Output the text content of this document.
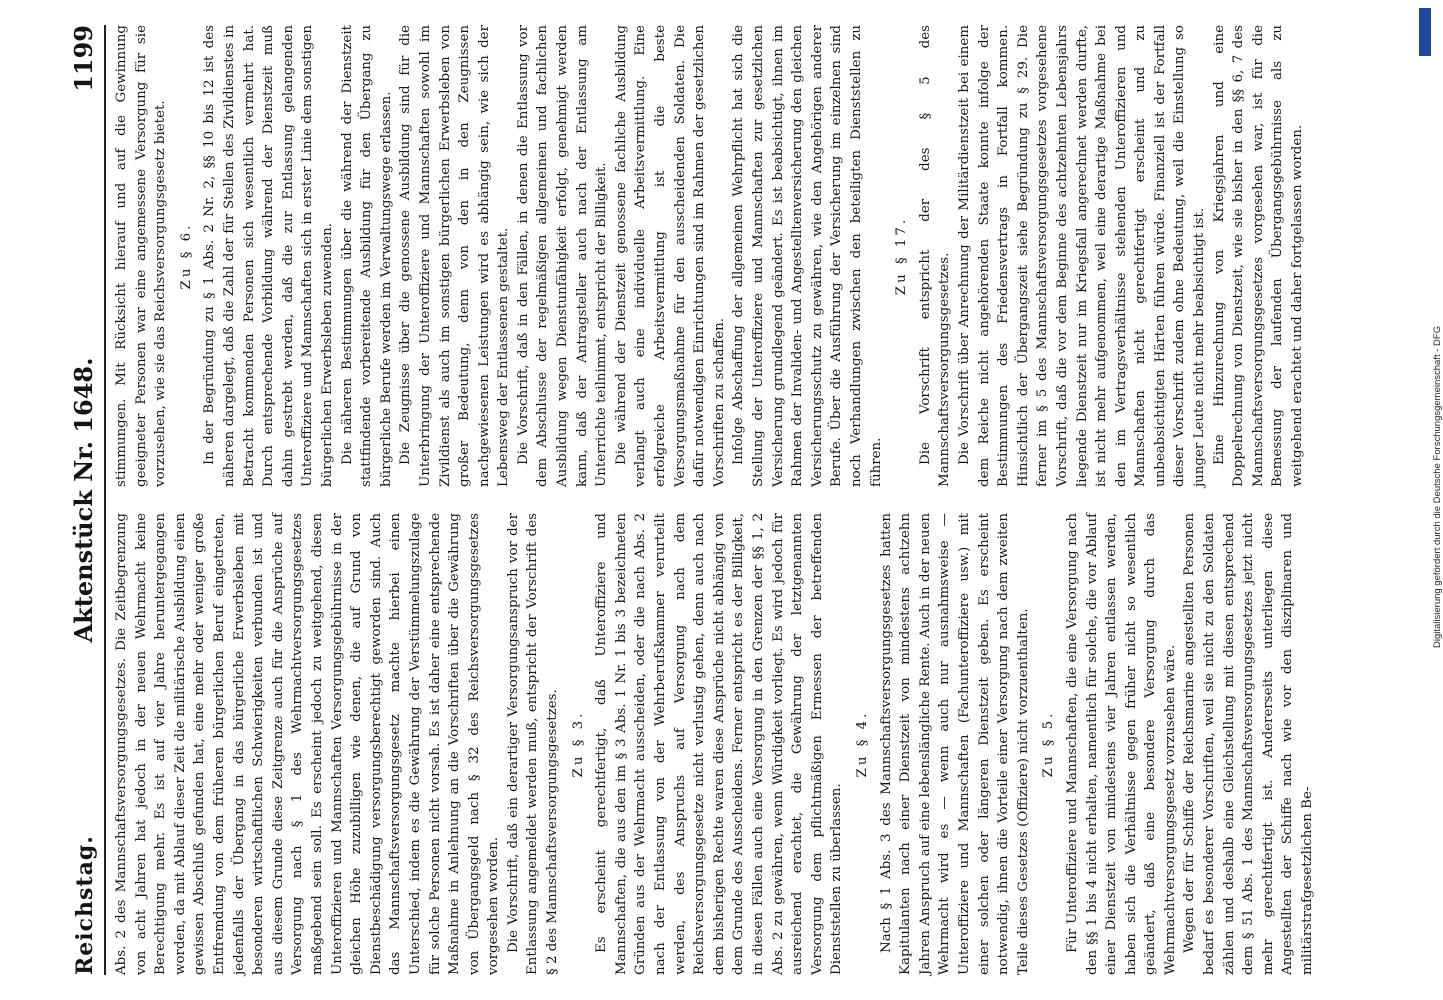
Reichstag.
Aktenstück Nr. 1648.
1199

Abs. 2 des Mannschaftsversorgungsgesetzes. Die Zeitbegrenzung von acht Jahren hat jedoch in der neuen Wehrmacht keine Berechtigung mehr. Es ist auf vier Jahre heruntergegangen worden, da mit Ablauf dieser Zeit die militärische Ausbildung einen gewissen Abschluß gefunden hat, eine mehr oder weniger große Entfremdung von dem früheren bürgerlichen Beruf eingetreten, jedenfalls der Übergang in das bürgerliche Erwerbsleben mit besonderen wirtschaftlichen Schwierigkeiten verbunden ist und aus diesem Grunde diese Zeitgrenze auch für die Ansprüche auf Versorgung nach § 1 des Wehrmachtversorgungsgesetzes maßgebend sein soll. Es erscheint jedoch zu weitgehend, diesen Unteroffizieren und Mannschaften Versorgungsgebührnisse in der gleichen Höhe zuzubilligen wie denen, die auf Grund von Dienstbeschädigung versorgungsberechtigt geworden sind. Auch das Mannschaftsversorgungsgesetz machte hierbei einen Unterschied, indem es die Gewährung der Verstümmelungszulage für solche Personen nicht vorsah. Es ist daher eine entsprechende Maßnahme in Anlehnung an die Vorschriften über die Gewährung von Übergangsgeld nach § 32 des Reichsversorgungsgesetzes vorgesehen worden. Die Vorschrift, daß ein derartiger Versorgungsanspruch vor der Entlassung angemeldet werden muß, entspricht der Vorschrift des § 2 des Mannschaftsversorgungsgesetzes. Zu § 3. Es erscheint gerechtfertigt, daß Unteroffiziere und Mannschaften, die aus den im § 3 Abs. 1 Nr. 1 bis 3 bezeichneten Gründen aus der Wehrmacht ausscheiden, oder die nach Abs. 2 nach der Entlassung von der Wehrberufskammer verurteilt werden, des Anspruchs auf Versorgung nach dem Reichsversorgungsgesetze nicht verlustig gehen, denn auch nach dem bisherigen Rechte waren diese Ansprüche nicht abhängig von dem Grunde des Ausscheidens. Ferner entspricht es der Billigkeit, in diesen Fällen auch eine Versorgung in den Grenzen der §§ 1, 2 Abs. 2 zu gewähren, wenn Würdigkeit vorliegt. Es wird jedoch für ausreichend erachtet, die Gewährung der letztgenannten Versorgung dem pflichtmäßigen Ermessen der betreffenden Dienststellen zu überlassen.

Zu § 4. Nach § 1 Abs. 3 des Mannschaftsversorgungsgesetzes hatten Kapitulanten nach einer Dienstzeit von mindestens achtzehn Jahren Anspruch auf eine lebenslängliche Rente. Auch in der neuen Wehrmacht wird es — wenn auch nur ausnahmsweise — Unteroffiziere und Mannschaften (Fachunteroffiziere usw.) mit einer solchen oder längeren Dienstzeit geben. Es erscheint notwendig, ihnen die Vorteile einer Versorgung nach dem zweiten Teile dieses Gesetzes (Offiziere) nicht vorzuenthalten. Zu § 5. Für Unteroffiziere und Mannschaften, die eine Versorgung nach den §§ 1 bis 4 nicht erhalten, namentlich für solche, die vor Ablauf einer Dienstzeit von mindestens vier Jahren entlassen werden, haben sich die Verhältnisse gegen früher nicht so wesentlich geändert, daß eine besondere Versorgung durch das Wehrmachtversorgungsgesetz vorzusehen wäre. Wegen der für Schiffe der Reichsmarine angestellten Personen bedarf es besonderer Vorschriften, weil sie nicht zu den Soldaten zählen und deshalb eine Gleichstellung mit diesen entsprechend dem § 51 Abs. 1 des Mannschaftsversorgungsgesetzes jetzt nicht mehr gerechtfertigt ist. Andererseits unterliegen diese Angestellten der Schiffe nach wie vor den disziplinaren und militärstrafgesetzlichen Be-

stimmungen. Mit Rücksicht hierauf und auf die Gewinnung geeigneter Personen war eine angemessene Versorgung für sie vorzusehen, wie sie das Reichsversorgungsgesetz bietet. Zu § 6. In der Begründung zu § 1 Abs. 2 Nr. 2, §§ 10 bis 12 ist des näheren dargelegt, daß die Zahl der für Stellen des Zivildienstes in Betracht kommenden Personen sich wesentlich vermehrt hat. Durch entsprechende Vorbildung während der Dienstzeit muß dahin gestrebt werden, daß die zur Entlassung gelangenden Unteroffiziere und Mannschaften sich in erster Linie dem sonstigen bürgerlichen Erwerbsleben zuwenden. Die näheren Bestimmungen über die während der Dienstzeit stattfindende vorbereitende Ausbildung für den Übergang zu bürgerliche Berufe werden im Verwaltungswege erlassen. Die Zeugnisse über die genossene Ausbildung sind für die Unterbringung der Unteroffiziere und Mannschaften sowohl im Zivildienst als auch im sonstigen bürgerlichen Erwerbsleben von großer Bedeutung, denn von den in den Zeugnissen nachgewiesenen Leistungen wird es abhängig sein, wie sich der Lebensweg der Entlassenen gestaltet. Die Vorschrift, daß in den Fällen, in denen die Entlassung vor dem Abschlusse der regelmäßigen allgemeinen und fachlichen Ausbildung wegen Dienstunfähigkeit erfolgt, genehmigt werden kann, daß der Antragsteller auch nach der Entlassung am Unterrichte teilnimmt, entspricht der Billigkeit. Die während der Dienstzeit genossene fachliche Ausbildung verlangt auch eine individuelle Arbeitsvermittlung. Eine erfolgreiche Arbeitsvermittlung ist die beste Versorgungsmaßnahme für den ausscheidenden Soldaten. Die dafür notwendigen Einrichtungen sind im Rahmen der gesetzlichen Vorschriften zu schaffen. Infolge Abschaffung der allgemeinen Wehrpflicht hat sich die Stellung der Unteroffiziere und Mannschaften zur gesetzlichen Versicherung grundlegend geändert. Es ist beabsichtigt, ihnen im Rahmen der Invaliden- und Angestelltenversicherung den gleichen Versicherungsschutz zu gewähren, wie den Angehörigen anderer Berufe. Über die Ausführung der Versicherung im einzelnen sind noch Verhandlungen zwischen den beteiligten Dienststellen zu führen.

Zu § 17. Die Vorschrift entspricht der des § 5 des Mannschaftsversorgungsgesetzes. Die Vorschrift über Anrechnung der Militärdienstzeit bei einem dem Reiche nicht angehörenden Staate konnte infolge der Bestimmungen des Friedensvertrags in Fortfall kommen. Hinsichtlich der Übergangszeit siehe Begründung zu § 29. Die ferner im § 5 des Mannschaftsversorgungsgesetzes vorgesehene Vorschrift, daß die vor dem Beginne des achtzehnten Lebensjahrs liegende Dienstzeit nur im Kriegsfall angerechnet werden durfte, ist nicht mehr aufgenommen, weil eine derartige Maßnahme bei den im Vertragsverhältnisse stehenden Unteroffizieren und Mannschaften nicht gerechtfertigt erscheint und zu unbeabsichtigten Härten führen würde. Finanziell ist der Fortfall dieser Vorschrift zudem ohne Bedeutung, weil die Einstellung so junger Leute nicht mehr beabsichtigt ist. Eine Hinzurechnung von Kriegsjahren und eine Doppelrechnung von Dienstzeit, wie sie bisher in den §§ 6, 7 des Mannschaftsversorgungsgesetzes vorgesehen war, ist für die Bemessung der laufenden Übergangsgebührnisse als zu weitgehend erachtet und daher fortgelassen worden.

DFG
Digitalisierung gefördert durch die Deutsche Forschungsgemeinschaft - DFG
